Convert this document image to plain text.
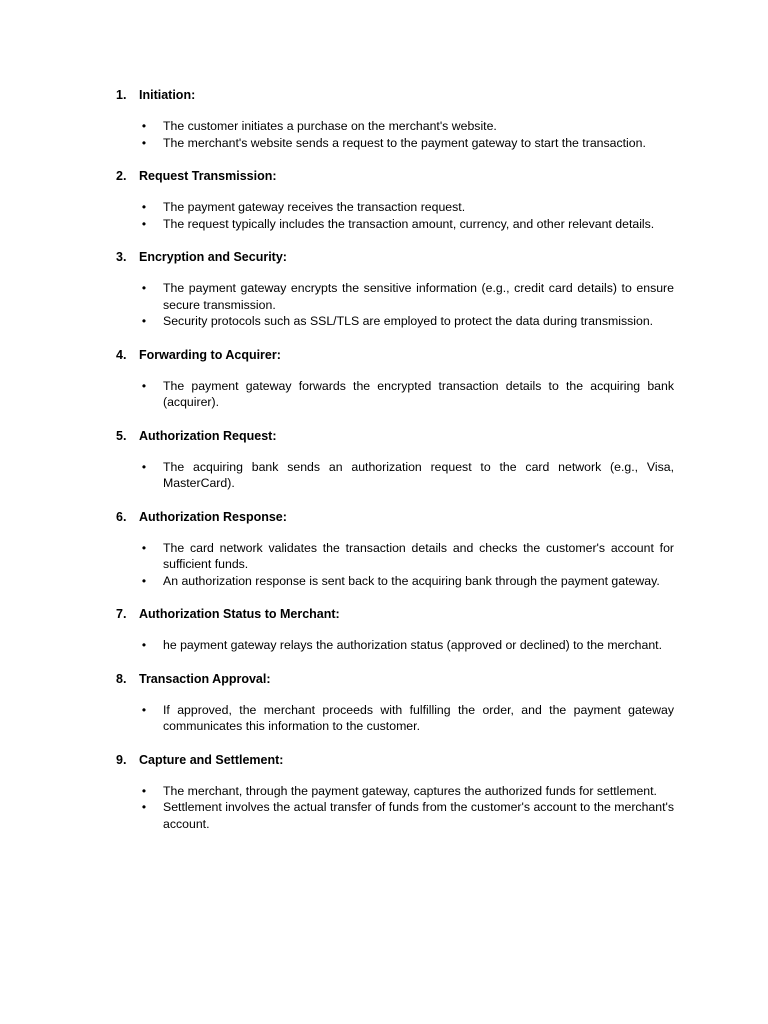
1.	Initiation:
• The customer initiates a purchase on the merchant's website.
• The merchant's website sends a request to the payment gateway to start the transaction.
2.	Request Transmission:
• The payment gateway receives the transaction request.
• The request typically includes the transaction amount, currency, and other relevant details.
3.	Encryption and Security:
• The payment gateway encrypts the sensitive information (e.g., credit card details) to ensure secure transmission.
• Security protocols such as SSL/TLS are employed to protect the data during transmission.
4.	Forwarding to Acquirer:
• The payment gateway forwards the encrypted transaction details to the acquiring bank (acquirer).
5.	Authorization Request:
• The acquiring bank sends an authorization request to the card network (e.g., Visa, MasterCard).
6.	Authorization Response:
• The card network validates the transaction details and checks the customer's account for sufficient funds.
• An authorization response is sent back to the acquiring bank through the payment gateway.
7.	Authorization Status to Merchant:
• he payment gateway relays the authorization status (approved or declined) to the merchant.
8.	Transaction Approval:
• If approved, the merchant proceeds with fulfilling the order, and the payment gateway communicates this information to the customer.
9.	Capture and Settlement:
• The merchant, through the payment gateway, captures the authorized funds for settlement.
• Settlement involves the actual transfer of funds from the customer's account to the merchant's account.
